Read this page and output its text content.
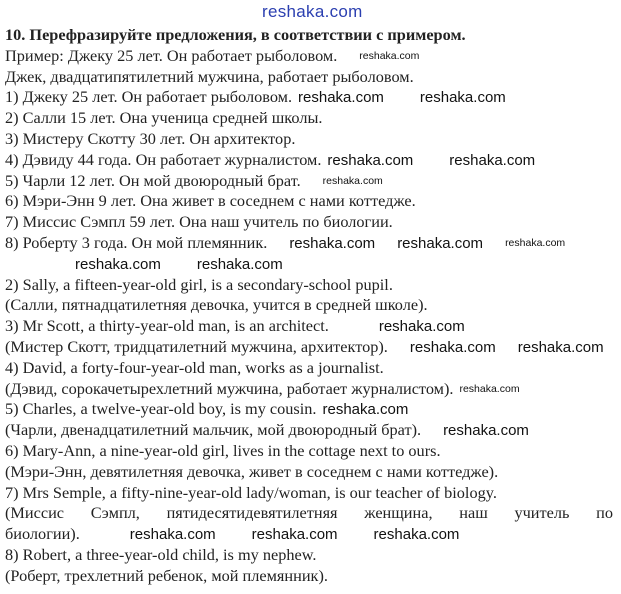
reshaka.com
10. Перефразируйте предложения, в соответствии с примером.
Пример: Джеку 25 лет. Он работает рыболовом. reshaka.com
Джек, двадцатипятилетний мужчина, работает рыболовом.
1) Джеку 25 лет. Он работает рыболовом. reshaka.com reshaka.com
2) Салли 15 лет. Она ученица средней школы.
3) Мистеру Скотту 30 лет. Он архитектор.
4) Дэвиду 44 года. Он работает журналистом. reshaka.com reshaka.com
5) Чарли 12 лет. Он мой двоюродный брат. reshaka.com
6) Мэри-Энн 9 лет. Она живет в соседнем с нами коттедже.
7) Миссис Сэмпл 59 лет. Она наш учитель по биологии.
8) Роберту 3 года. Он мой племянник. reshaka.com reshaka.com reshaka.com
reshaka.com reshaka.com
2) Sally, a fifteen-year-old girl, is a secondary-school pupil.
(Салли, пятнадцатилетняя девочка, учится в средней школе).
3) Mr Scott, a thirty-year-old man, is an architect.	reshaka.com
(Мистер Скотт, тридцатилетний мужчина, архитектор). reshaka.com reshaka.com
4) David, a forty-four-year-old man, works as a journalist.
(Дэвид, сорокачетырехлетний мужчина, работает журналистом). reshaka.com
5) Charles, a twelve-year-old boy, is my cousin. reshaka.com
(Чарли, двенадцатилетний мальчик, мой двоюродный брат). reshaka.com
6) Mary-Ann, a nine-year-old girl, lives in the cottage next to ours.
(Мэри-Энн, девятилетняя девочка, живет в соседнем с нами коттедже).
7) Mrs Semple, a fifty-nine-year-old lady/woman, is our teacher of biology.
(Миссис Сэмпл, пятидесятидевятилетняя женщина, наш учитель по
биологии).	reshaka.com reshaka.com reshaka.com
8) Robert, a three-year-old child, is my nephew.
(Роберт, трехлетний ребенок, мой племянник).
